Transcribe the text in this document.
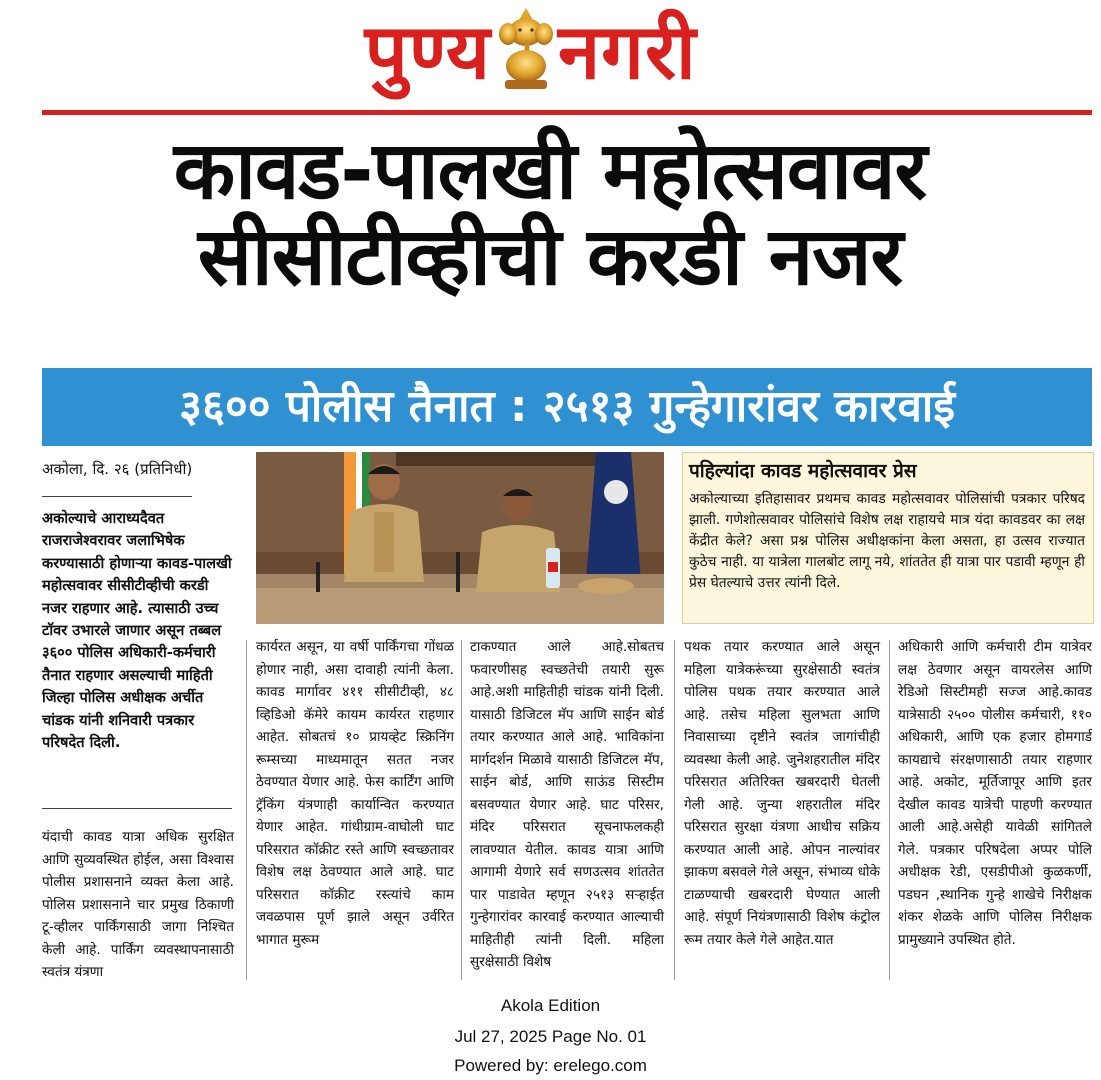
पुण्य नगरी
कावड-पालखी महोत्सवावर
सीसीटीव्हीची करडी नजर
३६०० पोलीस तैनात : २५१३ गुन्हेगारांवर कारवाई
अकोला, दि. २६ (प्रतिनिधी)
अकोल्याचे आराध्यदैवत राजराजेश्वरावर जलाभिषेक करण्यासाठी होणाऱ्या कावड-पालखी महोत्सवावर सीसीटीव्हीची करडी नजर राहणार आहे. त्यासाठी उच्च टॉवर उभारले जाणार असून तब्बल ३६०० पोलिस अधिकारी-कर्मचारी तैनात राहणार असल्याची माहिती जिल्हा पोलिस अधीक्षक अर्चीत चांडक यांनी शनिवारी पत्रकार परिषदेत दिली.
पहिल्यांदा कावड महोत्सवावर प्रेस
अकोल्याच्या इतिहासावर प्रथमच कावड महोत्सवावर पोलिसांची पत्रकार परिषद झाली. गणेशोत्सवावर पोलिसांचे विशेष लक्ष राहायचे मात्र यंदा कावडवर का लक्ष केंद्रीत केले? असा प्रश्न पोलिस अधीक्षकांना केला असता, हा उत्सव राज्यात कुठेच नाही. या यात्रेला गालबोट लागू नये, शांततेत ही यात्रा पार पडावी म्हणून ही प्रेस घेतल्याचे उत्तर त्यांनी दिले.
यंदाची कावड यात्रा अधिक सुरक्षित आणि सुव्यवस्थित होईल, असा विश्वास पोलीस प्रशासनाने व्यक्त केला आहे. पोलिस प्रशासनाने चार प्रमुख ठिकाणी टू-व्हीलर पार्किंगसाठी जागा निश्चित केली आहे. पार्किंग व्यवस्थापनासाठी स्वतंत्र यंत्रणा
कार्यरत असून, या वर्षी पार्किंगचा गोंधळ होणार नाही, असा दावाही त्यांनी केला. कावड मार्गावर ४११ सीसीटीव्ही, ४८ व्हिडिओ कॅमेरे कायम कार्यरत राहणार आहेत. सोबतचं १० प्रायव्हेट स्क्रिनिंग रूम्सच्या माध्यमातून सतत नजर ठेवण्यात येणार आहे. फेस कार्टिंग आणि ट्रॅकिंग यंत्रणाही कार्यान्वित करण्यात येणार आहेत. गांधीग्राम-वाघोली घाट परिसरात कॉक्रीट रस्ते आणि स्वच्छतावर विशेष लक्ष ठेवण्यात आले आहे. घाट परिसरात कॉक्रीट रस्त्यांचे काम जवळपास पूर्ण झाले असून उर्वरित भागात मुरूम
टाकण्यात आले आहे.सोबतच फवारणीसह स्वच्छतेची तयारी सुरू आहे.अशी माहितीही चांडक यांनी दिली. यासाठी डिजिटल मॅप आणि साईन बोर्ड तयार करण्यात आले आहे. भाविकांना मार्गदर्शन मिळावे यासाठी डिजिटल मॅप, साईन बोर्ड, आणि साऊंड सिस्टीम बसवण्यात येणार आहे. घाट परिसर, मंदिर परिसरात सूचनाफलकही लावण्यात येतील. कावड यात्रा आणि आगामी येणारे सर्व सणउत्सव शांततेत पार पाडावेत म्हणून २५१३ सऱ्हाईत गुन्हेगारांवर कारवाई करण्यात आल्याची माहितीही त्यांनी दिली. महिला सुरक्षेसाठी विशेष
पथक तयार करण्यात आले असून महिला यात्रेकरूंच्या सुरक्षेसाठी स्वतंत्र पोलिस पथक तयार करण्यात आले आहे. तसेच महिला सुलभता आणि निवासाच्या दृष्टीने स्वतंत्र जागांचीही व्यवस्था केली आहे. जुनेशहरातील मंदिर परिसरात अतिरिक्त खबरदारी घेतली गेली आहे. जुन्या शहरातील मंदिर परिसरात सुरक्षा यंत्रणा आधीच सक्रिय करण्यात आली आहे. ओपन नाल्यांवर झाकण बसवले गेले असून, संभाव्य धोके टाळण्याची खबरदारी घेण्यात आली आहे. संपूर्ण नियंत्रणासाठी विशेष कंट्रोल रूम तयार केले गेले आहेत.यात
अधिकारी आणि कर्मचारी टीम यात्रेवर लक्ष ठेवणार असून वायरलेस आणि रेडिओ सिस्टीमही सज्ज आहे.कावड यात्रेसाठी २५०० पोलीस कर्मचारी, ११० अधिकारी, आणि एक हजार होमगार्ड कायद्याचे संरक्षणासाठी तयार राहणार आहे. अकोट, मूर्तिजापूर आणि इतर देखील कावड यात्रेची पाहणी करण्यात आली आहे.असेही यावेळी सांगितले गेले. पत्रकार परिषदेला अप्पर पोलि अधीक्षक रेडी, एसडीपीओ कुळकर्णी, पडघन ,स्थानिक गुन्हे शाखेचे निरीक्षक शंकर शेळके आणि पोलिस निरीक्षक प्रामुख्याने उपस्थित होते.
Akola Edition
Jul 27, 2025 Page No. 01
Powered by: erelego.com
